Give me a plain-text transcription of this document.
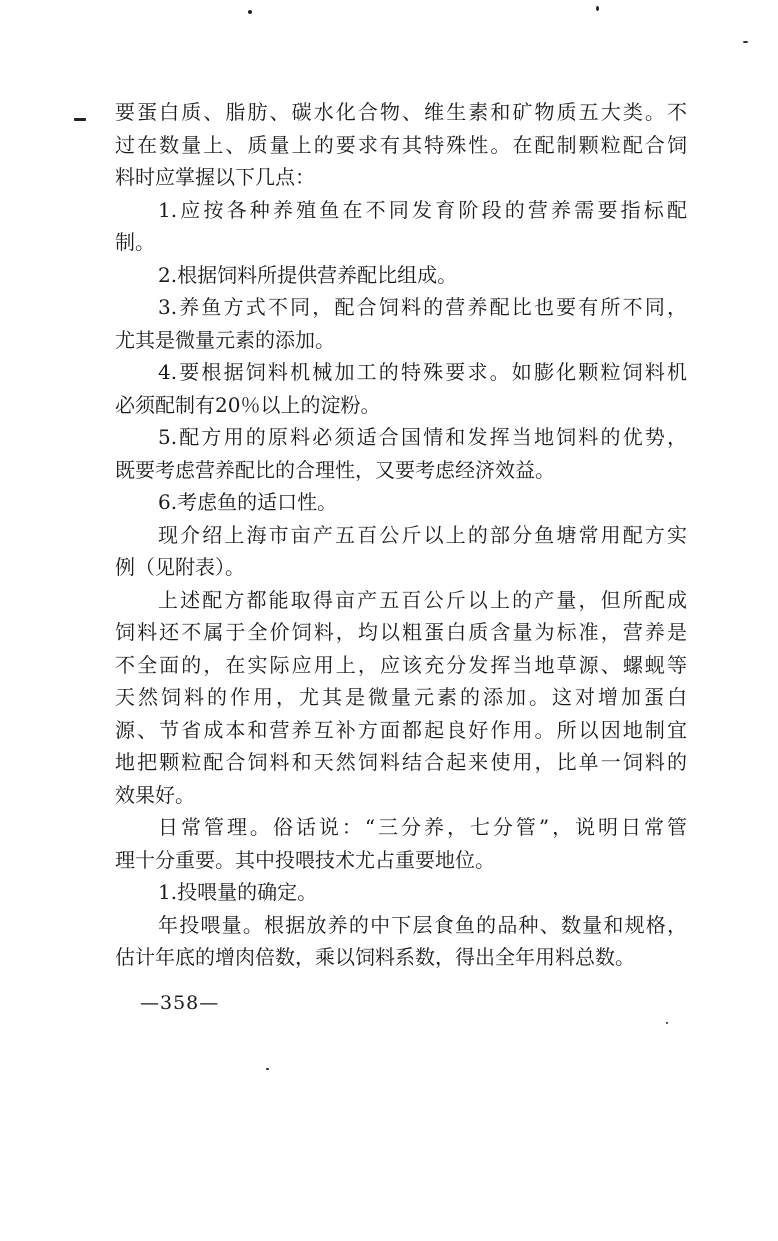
要蛋白质、脂肪、碳水化合物、维生素和矿物质五大类。不
过在数量上、质量上的要求有其特殊性。在配制颗粒配合饲
料时应掌握以下几点：
1.应按各种养殖鱼在不同发育阶段的营养需要指标配
制。
2.根据饲料所提供营养配比组成。
3.养鱼方式不同，配合饲料的营养配比也要有所不同，
尤其是微量元素的添加。
4.要根据饲料机械加工的特殊要求。如膨化颗粒饲料机
必须配制有20％以上的淀粉。
5.配方用的原料必须适合国情和发挥当地饲料的优势，
既要考虑营养配比的合理性，又要考虑经济效益。
6.考虑鱼的适口性。
现介绍上海市亩产五百公斤以上的部分鱼塘常用配方实
例（见附表）。
上述配方都能取得亩产五百公斤以上的产量，但所配成
饲料还不属于全价饲料，均以粗蛋白质含量为标准，营养是
不全面的，在实际应用上，应该充分发挥当地草源、螺蚬等
天然饲料的作用，尤其是微量元素的添加。这对增加蛋白
源、节省成本和营养互补方面都起良好作用。所以因地制宜
地把颗粒配合饲料和天然饲料结合起来使用，比单一饲料的
效果好。
日常管理。俗话说：“三分养，七分管”，说明日常管
理十分重要。其中投喂技术尤占重要地位。
1.投喂量的确定。
年投喂量。根据放养的中下层食鱼的品种、数量和规格，
估计年底的增肉倍数，乘以饲料系数，得出全年用料总数。
—358—
